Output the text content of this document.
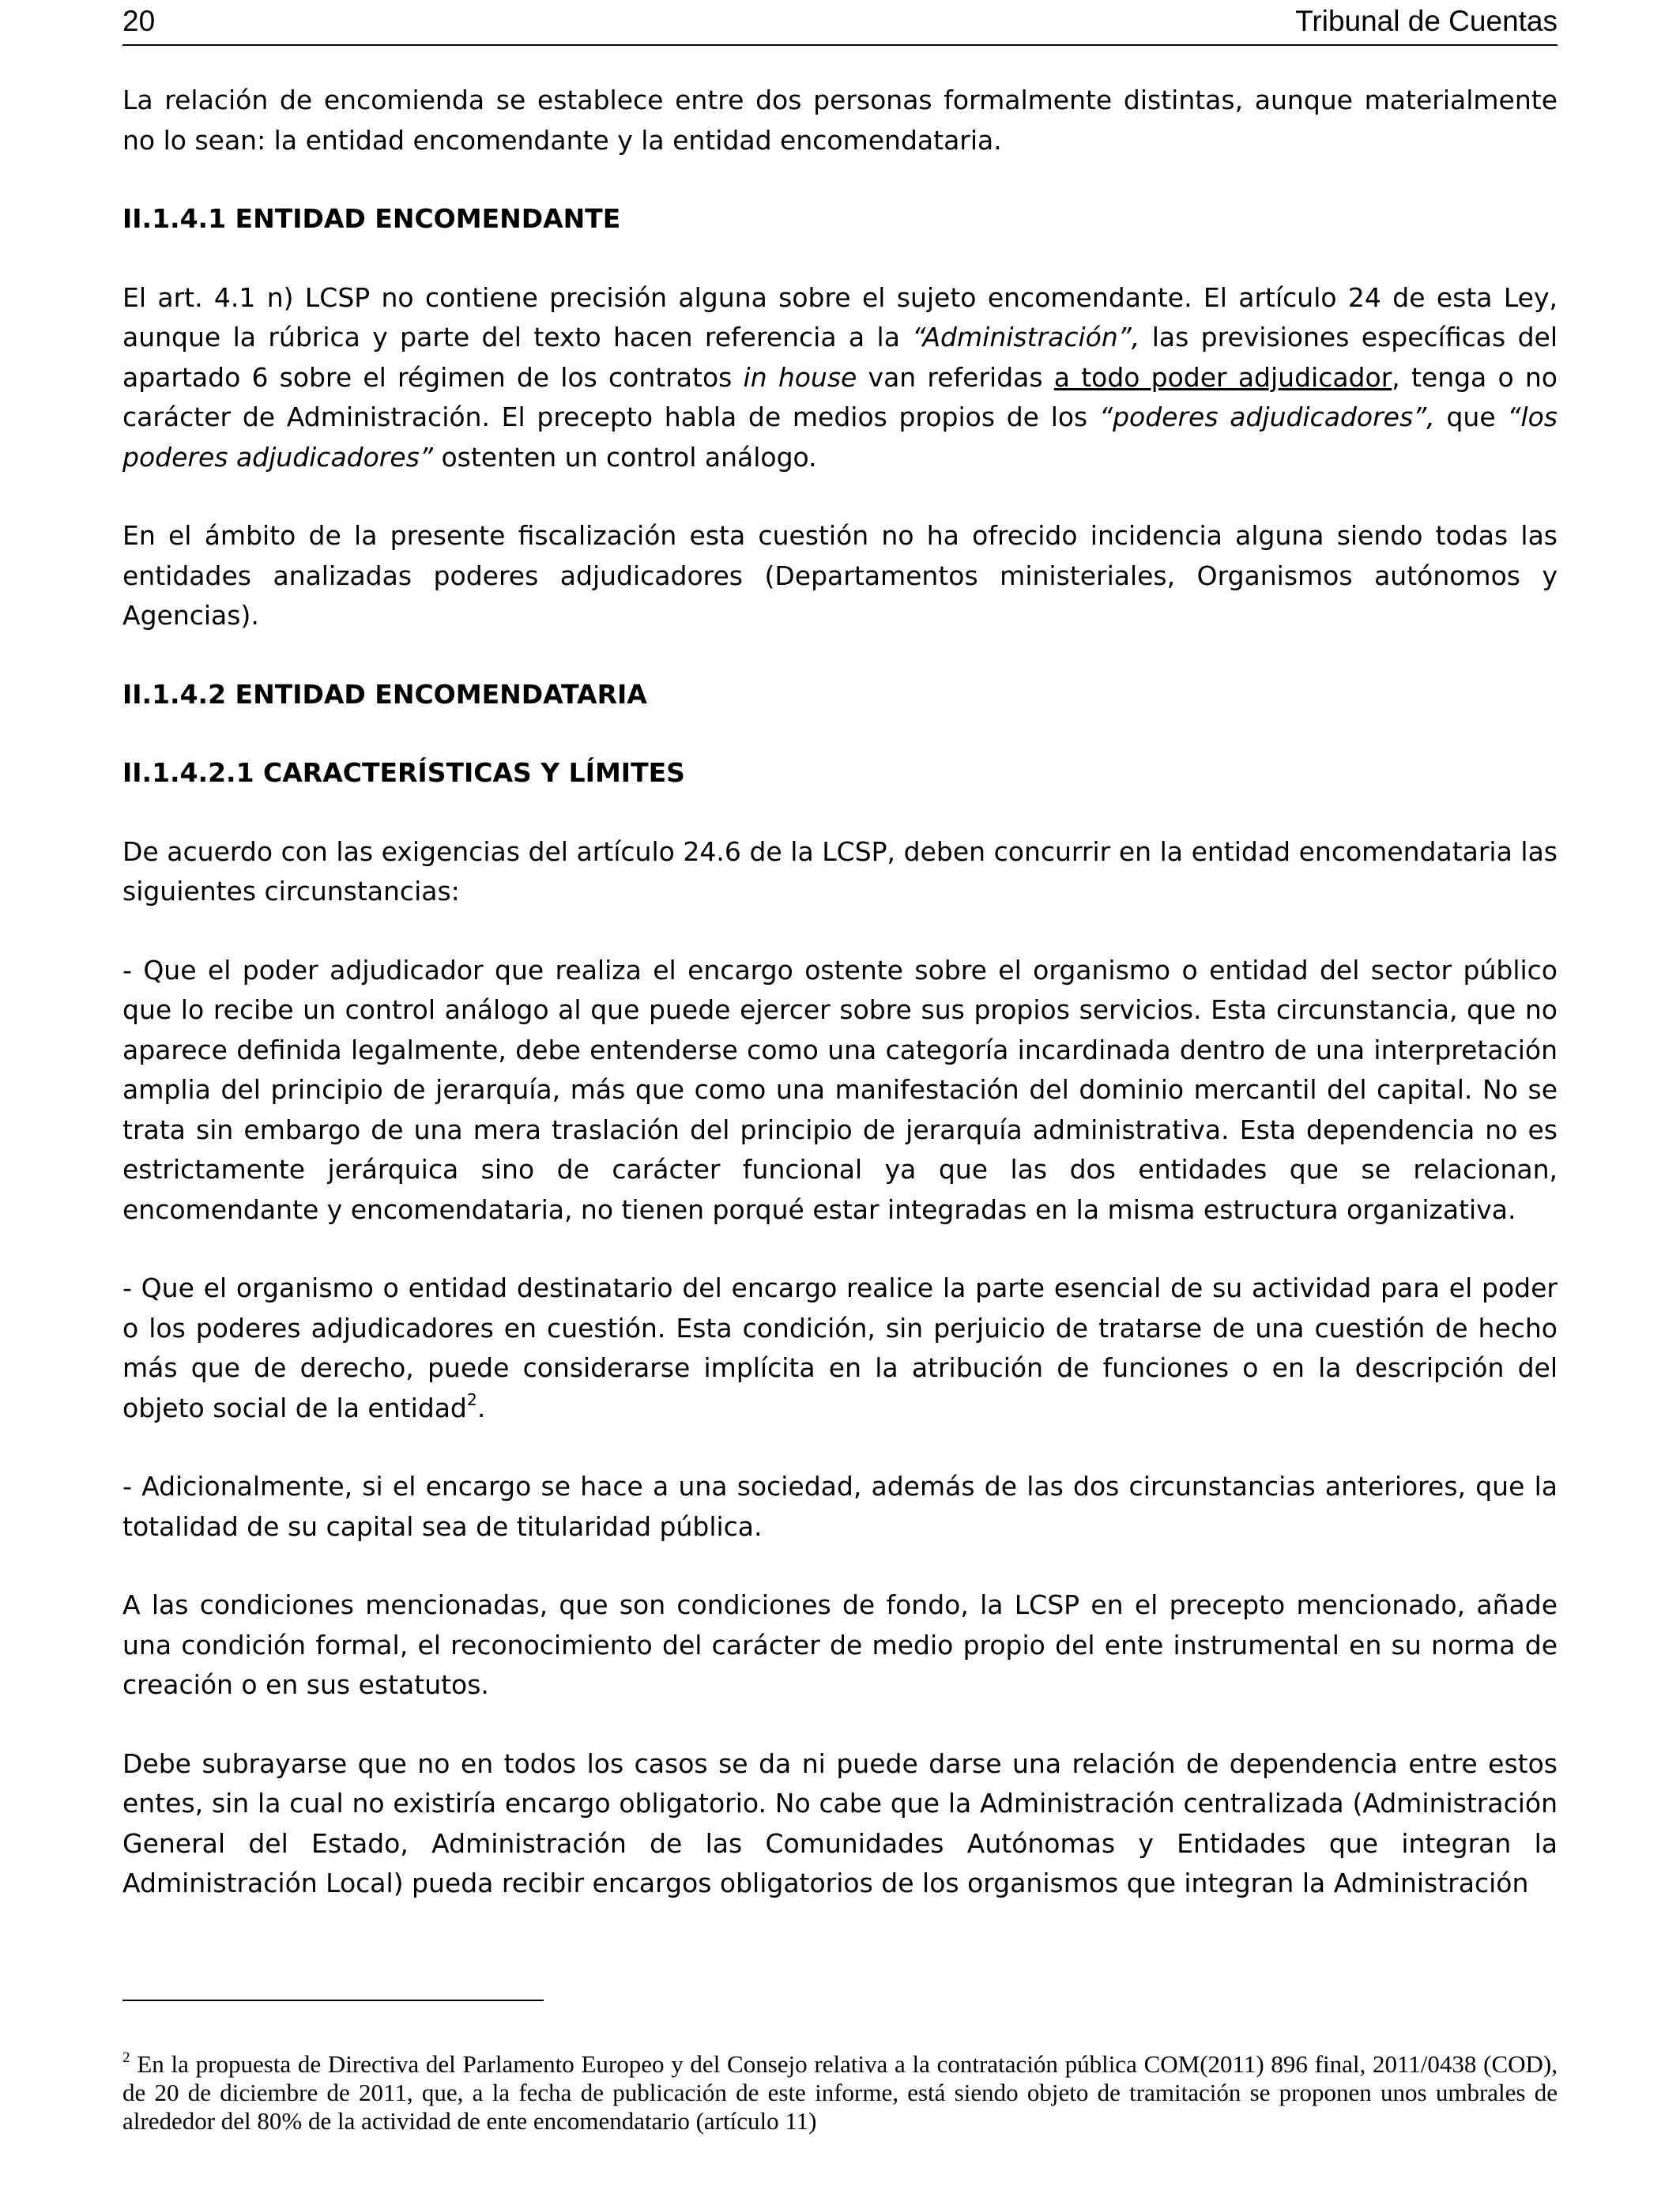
20	Tribunal de Cuentas

La relación de encomienda se establece entre dos personas formalmente distintas, aunque materialmente no lo sean: la entidad encomendante y la entidad encomendataria.

II.1.4.1 ENTIDAD ENCOMENDANTE

El art. 4.1 n) LCSP no contiene precisión alguna sobre el sujeto encomendante. El artículo 24 de esta Ley, aunque la rúbrica y parte del texto hacen referencia a la “Administración”, las previsiones específicas del apartado 6 sobre el régimen de los contratos in house van referidas a todo poder adjudicador, tenga o no carácter de Administración. El precepto habla de medios propios de los “poderes adjudicadores”, que “los poderes adjudicadores” ostenten un control análogo.

En el ámbito de la presente fiscalización esta cuestión no ha ofrecido incidencia alguna siendo todas las entidades analizadas poderes adjudicadores (Departamentos ministeriales, Organismos autónomos y Agencias).

II.1.4.2 ENTIDAD ENCOMENDATARIA

II.1.4.2.1 CARACTERÍSTICAS Y LÍMITES

De acuerdo con las exigencias del artículo 24.6 de la LCSP, deben concurrir en la entidad encomendataria las siguientes circunstancias:

- Que el poder adjudicador que realiza el encargo ostente sobre el organismo o entidad del sector público que lo recibe un control análogo al que puede ejercer sobre sus propios servicios. Esta circunstancia, que no aparece definida legalmente, debe entenderse como una categoría incardinada dentro de una interpretación amplia del principio de jerarquía, más que como una manifestación del dominio mercantil del capital. No se trata sin embargo de una mera traslación del principio de jerarquía administrativa. Esta dependencia no es estrictamente jerárquica sino de carácter funcional ya que las dos entidades que se relacionan, encomendante y encomendataria, no tienen porqué estar integradas en la misma estructura organizativa.

- Que el organismo o entidad destinatario del encargo realice la parte esencial de su actividad para el poder o los poderes adjudicadores en cuestión. Esta condición, sin perjuicio de tratarse de una cuestión de hecho más que de derecho, puede considerarse implícita en la atribución de funciones o en la descripción del objeto social de la entidad$^2$.

- Adicionalmente, si el encargo se hace a una sociedad, además de las dos circunstancias anteriores, que la totalidad de su capital sea de titularidad pública.

A las condiciones mencionadas, que son condiciones de fondo, la LCSP en el precepto mencionado, añade una condición formal, el reconocimiento del carácter de medio propio del ente instrumental en su norma de creación o en sus estatutos.

Debe subrayarse que no en todos los casos se da ni puede darse una relación de dependencia entre estos entes, sin la cual no existiría encargo obligatorio. No cabe que la Administración centralizada (Administración General del Estado, Administración de las Comunidades Autónomas y Entidades que integran la Administración Local) pueda recibir encargos obligatorios de los organismos que integran la Administración

$^2$ En la propuesta de Directiva del Parlamento Europeo y del Consejo relativa a la contratación pública COM(2011) 896 final, 2011/0438 (COD), de 20 de diciembre de 2011, que, a la fecha de publicación de este informe, está siendo objeto de tramitación se proponen unos umbrales de alrededor del 80% de la actividad de ente encomendatario (artículo 11)
